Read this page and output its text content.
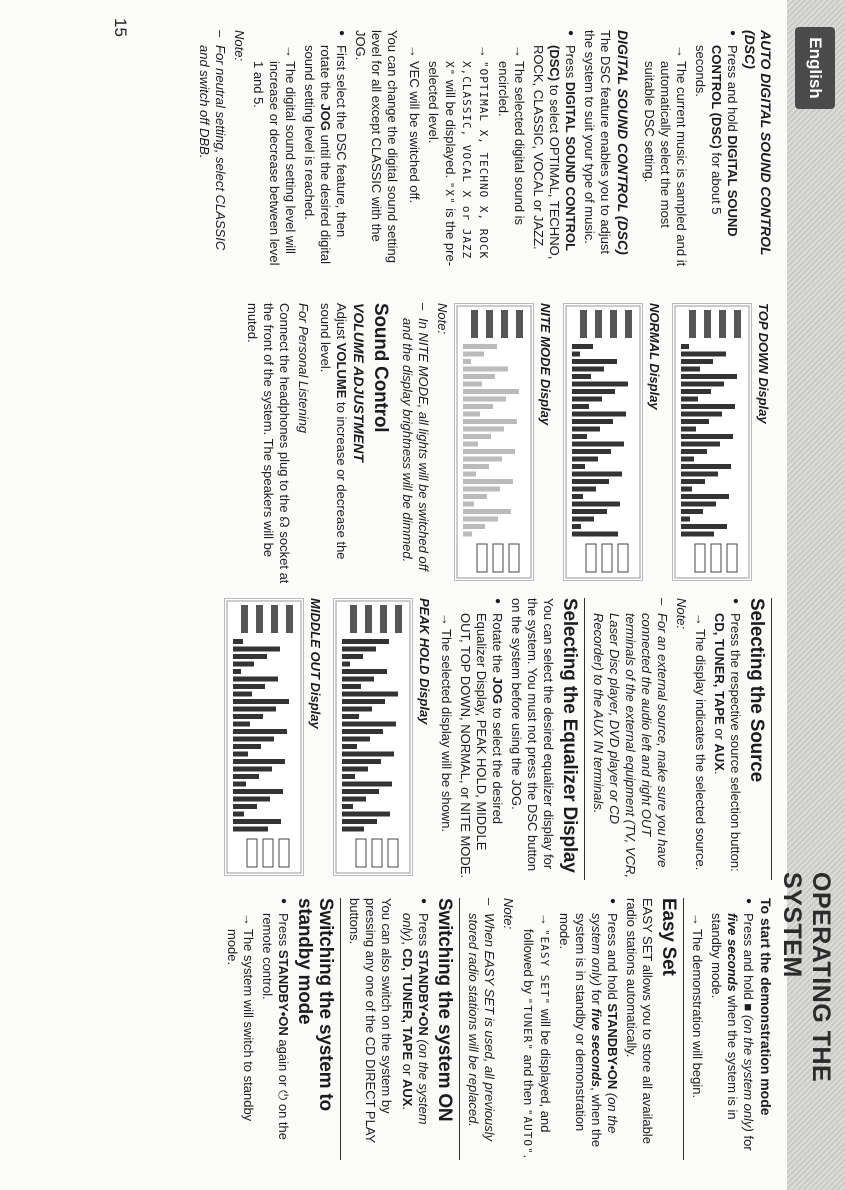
English
OPERATING THE SYSTEM
15
AUTO DIGITAL SOUND CONTROL (DSC)

● Press and hold DIGITAL SOUND CONTROL (DSC) for about 5 seconds.

→ The current music is sampled and it automatically select the most suitable DSC setting.

DIGITAL SOUND CONTROL (DSC)

The DSC feature enables you to adjust the system to suit your type of music.

● Press DIGITAL SOUND CONTROL (DSC) to select OPTIMAL, TECHNO, ROCK, CLASSIC, VOCAL or JAZZ.

→ The selected digital sound is encircled.

→ "OPTIMAL X, TECHNO X, ROCK X,CLASSIC, VOCAL X or JAZZ X" will be displayed. "X" is the pre-selected level.

→ VEC will be switched off.

You can change the digital sound setting level for all except CLASSIC with the JOG.

● First select the DSC feature, then rotate the JOG until the desired digital sound setting level is reached.

→ The digital sound setting level will increase or decrease between level 1 and 5.

Note:

– For neutral setting, select CLASSIC and switch off DBB.

TOP DOWN Display
NORMAL Display
NITE MODE Display

Note:

– In NITE MODE, all lights will be switched off and the display brightness will be dimmed.

Sound Control
VOLUME ADJUSTMENT

Adjust VOLUME to increase or decrease the sound level.

For Personal Listening

Connect the headphones plug to the ☊ socket at the front of the system. The speakers will be muted.

Selecting the Source

● Press the respective source selection button: CD, TUNER, TAPE or AUX.

→ The display indicates the selected source.

Note:

– For an external source, make sure you have connected the audio left and right OUT terminals of the external equipment (TV, VCR, Laser Disc player, DVD player or CD Recorder) to the AUX IN terminals.

Selecting the Equalizer Display

You can select the desired equalizer display for the system. You must not press the DSC button on the system before using the JOG.

● Rotate the JOG to select the desired Equalizer Display, PEAK HOLD, MIDDLE OUT, TOP DOWN, NORMAL, or NITE MODE.

→ The selected display will be shown.

PEAK HOLD Display
MIDDLE OUT Display
To start the demonstration mode

● Press and hold ■ (on the system only) for five seconds when the system is in standby mode.

→ The demonstration will begin.

Easy Set

EASY SET allows you to store all available radio stations automatically.

● Press and hold STANDBY•ON (on the system only) for five seconds, when the system is in standby or demonstration mode.

→ "EASY SET" will be displayed, and followed by "TUNER" and then "AUTO".

Note:

– When EASY SET is used, all previously stored radio stations will be replaced.

Switching the system ON

● Press STANDBY•ON (on the system only), CD, TUNER, TAPE or AUX.

You can also switch on the system by pressing any one of the CD DIRECT PLAY buttons.

Switching the system to standby mode

● Press STANDBY•ON again or ⏻ on the remote control.

→ The system will switch to standby mode.
